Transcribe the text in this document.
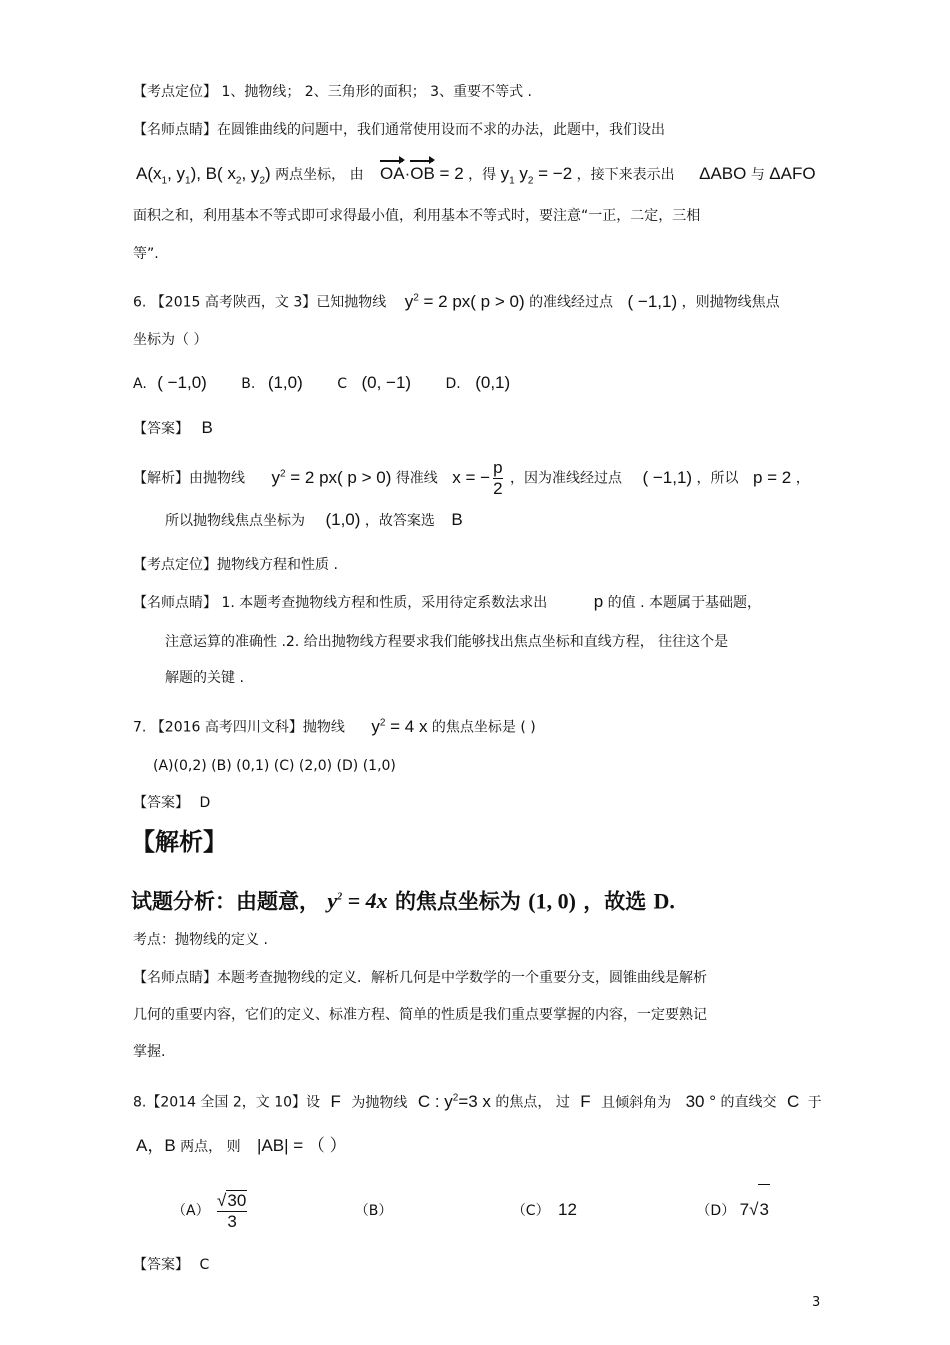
【考点定位】 1、抛物线； 2、三角形的面积； 3、重要不等式 .
【名师点睛】在圆锥曲线的问题中，我们通常使用设而不求的办法，此题中，我们设出
$A(x_1$, $y_1$), B( $x_2$, $y_2$) 两点坐标， 由 OA·OB = 2 ，得 $y_1$ $y_2 = -2$ ，接下来表示出 ΔABO 与 ΔAFO
面积之和，利用基本不等式即可求得最小值，利用基本不等式时，要注意“一正，二定，三相
等”.
6. 【2015 高考陕西，文 3】已知抛物线 $y^2 = 2$ px( p > 0) 的准线经过点 ( −1,1) ，则抛物线焦点
坐标为（ ）
A. ( −1,0) B. (1,0) C (0, −1) D. (0,1)
【答案】 B
【解析】由抛物线 $y^2 = 2$ px( p > 0) 得准线 x = − $\frac{p}{2}$ ，因为准线经过点 ( −1,1) ，所以 p = 2 ，
所以抛物线焦点坐标为 (1,0) ，故答案选 B
【考点定位】抛物线方程和性质 .
【名师点睛】 1. 本题考查抛物线方程和性质，采用待定系数法求出	p 的值 . 本题属于基础题，
注意运算的准确性 .2. 给出抛物线方程要求我们能够找出焦点坐标和直线方程， 往往这个是
解题的关键 .
7. 【2016 高考四川文科】抛物线 $y^2 = 4$ x 的焦点坐标是 ( )
(A)(0,2) (B) (0,1) (C) (2,0) (D) (1,0)
【答案】 D
【解析】
试题分析：由题意， $y^2 = 4x$ 的焦点坐标为 (1, 0) ，故选 D.
考点：抛物线的定义 .
【名师点睛】本题考查抛物线的定义．解析几何是中学数学的一个重要分支，圆锥曲线是解析
几何的重要内容，它们的定义、标准方程、简单的性质是我们重点要掌握的内容，一定要熟记
掌握.
8.【2014 全国 2，文 10】设 F 为抛物线 C : $y^2=3$ x 的焦点， 过 F 且倾斜角为 30 ° 的直线交 C 于
A，B 两点， 则 |AB| = （ ）
$(A) \frac{√30}{3}$	（B）	（C） 12	（D） 7√3
【答案】 C
3
